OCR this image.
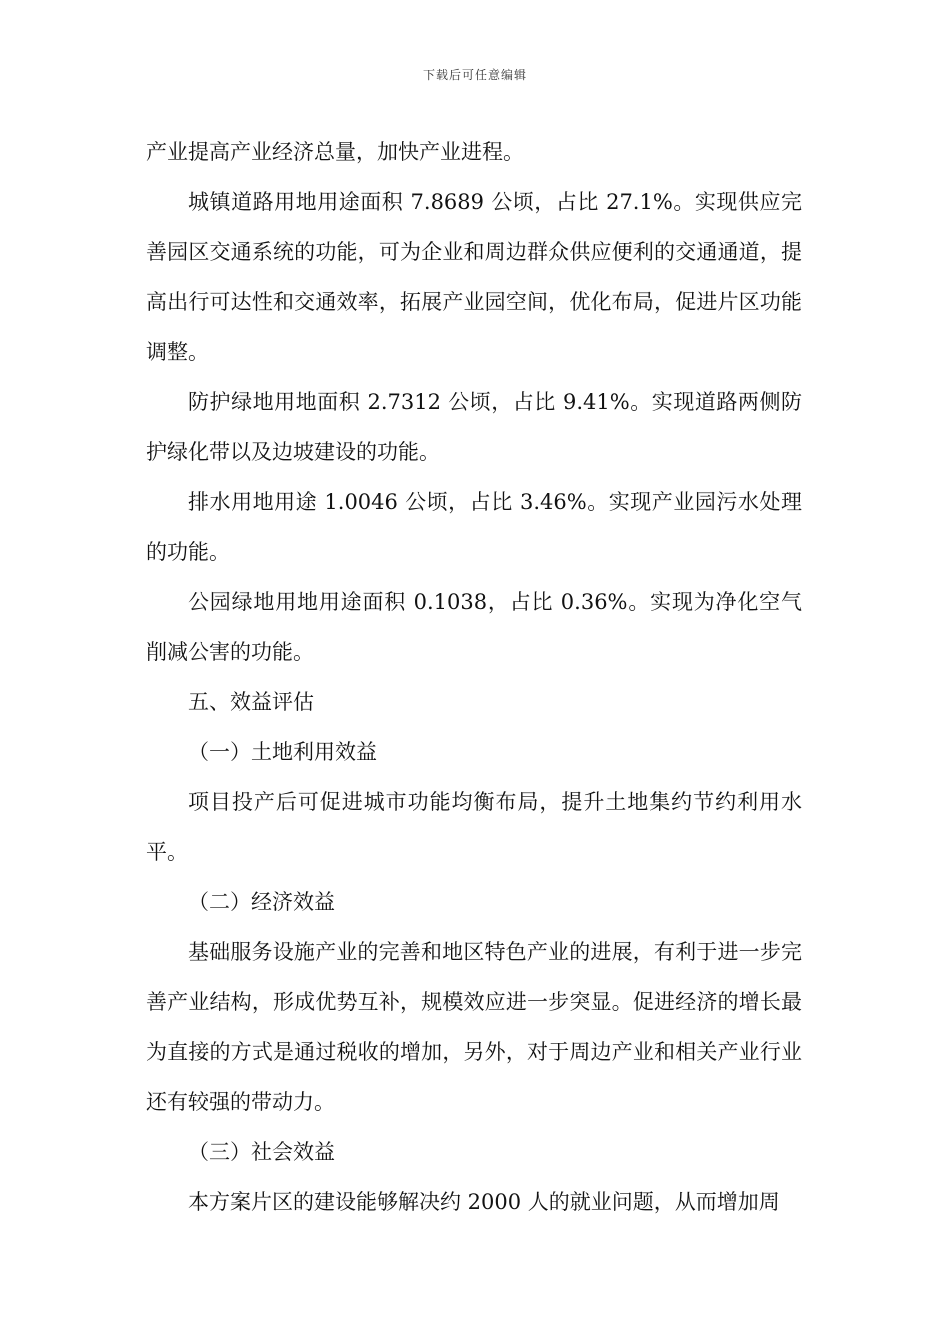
下载后可任意编辑

产业提高产业经济总量，加快产业进程。

城镇道路用地用途面积 7.8689 公顷，占比 27.1%。实现供应完善园区交通系统的功能，可为企业和周边群众供应便利的交通通道，提高出行可达性和交通效率，拓展产业园空间，优化布局，促进片区功能调整。

防护绿地用地面积 2.7312 公顷，占比 9.41%。实现道路两侧防护绿化带以及边坡建设的功能。

排水用地用途 1.0046 公顷，占比 3.46%。实现产业园污水处理的功能。

公园绿地用地用途面积 0.1038，占比 0.36%。实现为净化空气削减公害的功能。

五、效益评估

（一）土地利用效益

项目投产后可促进城市功能均衡布局，提升土地集约节约利用水平。

（二）经济效益

基础服务设施产业的完善和地区特色产业的进展，有利于进一步完善产业结构，形成优势互补，规模效应进一步突显。促进经济的增长最为直接的方式是通过税收的增加，另外，对于周边产业和相关产业行业还有较强的带动力。

（三）社会效益

本方案片区的建设能够解决约 2000 人的就业问题，从而增加周
